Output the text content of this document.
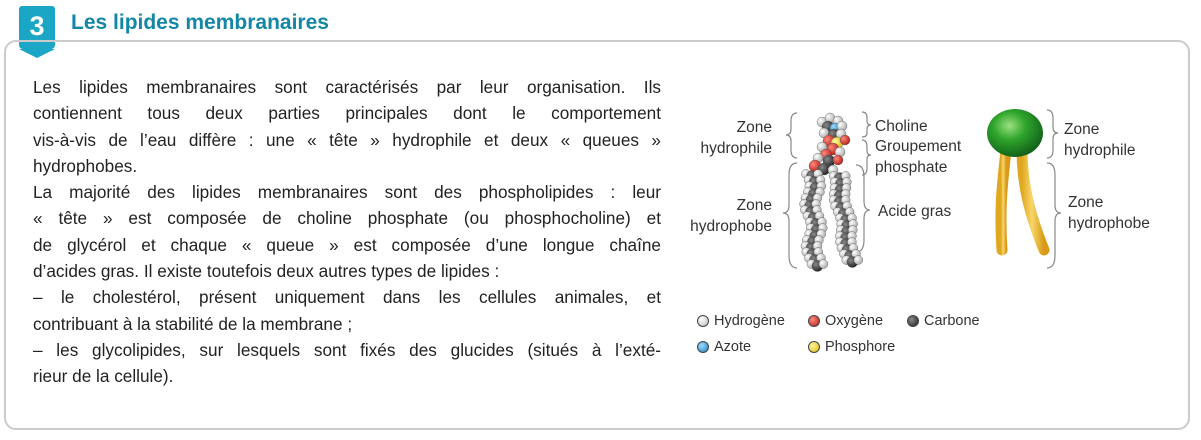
3	Les lipides membranaires

Les lipides membranaires sont caractérisés par leur organisation. Ils
contiennent tous deux parties principales dont le comportement
vis-à-vis de l’eau diffère : une « tête » hydrophile et deux « queues »
hydrophobes.

La majorité des lipides membranaires sont des phospholipides : leur
« tête » est composée de choline phosphate (ou phosphocholine) et
de glycérol et chaque « queue » est composée d’une longue chaîne
d’acides gras. Il existe toutefois deux autres types de lipides :

– le cholestérol, présent uniquement dans les cellules animales, et
contribuant à la stabilité de la membrane ;

– les glycolipides, sur lesquels sont fixés des glucides (situés à l’exté-
rieur de la cellule).

Zone
hydrophile
Zone
hydrophobe
Choline
Groupement
phosphate
Acide gras
Zone
hydrophile
Zone
hydrophobe
Hydrogène	Oxygène	Carbone
Azote	Phosphore
